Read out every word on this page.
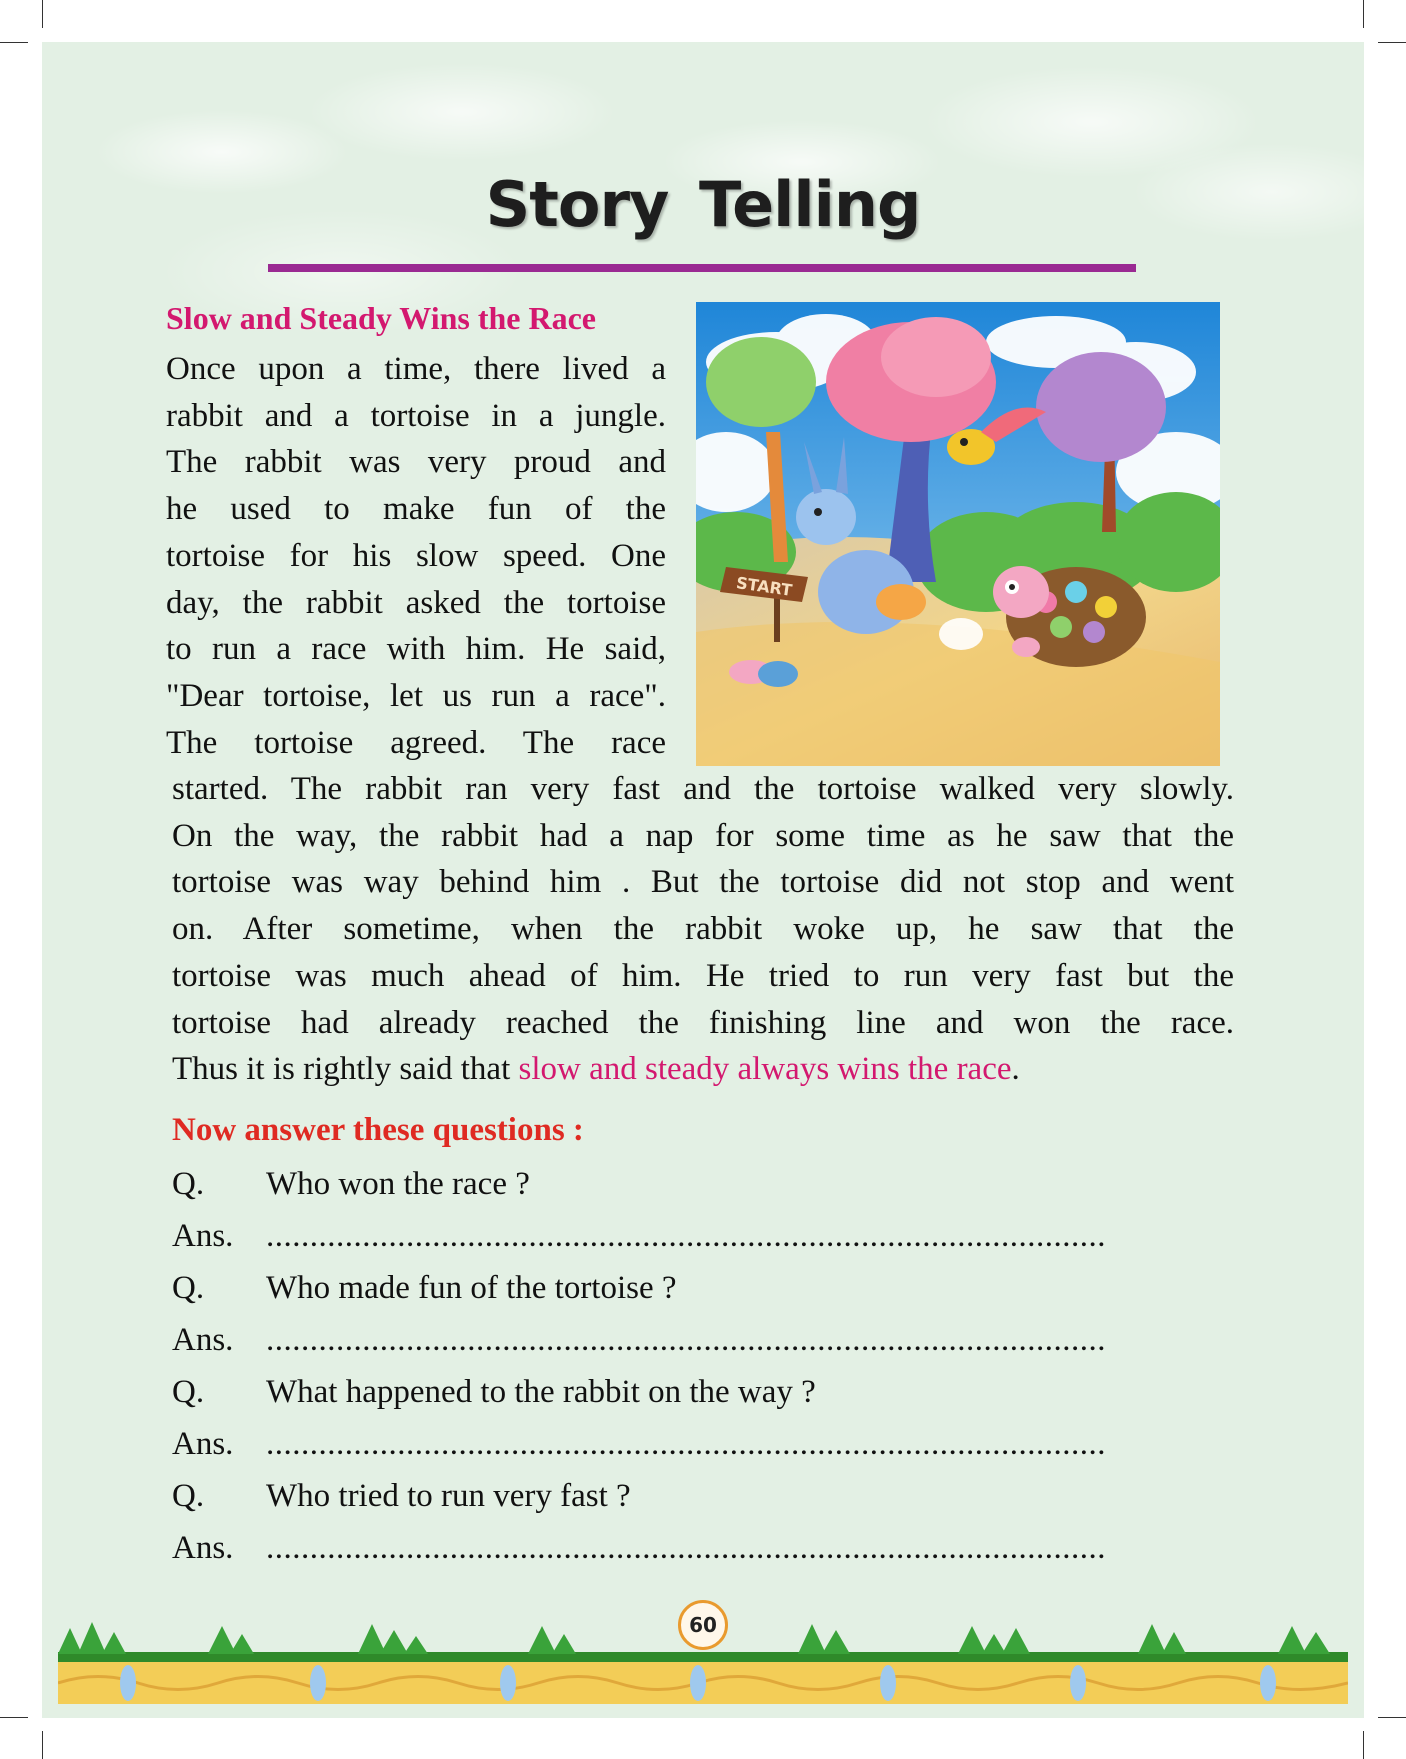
Story Telling
Slow and Steady Wins the Race
Once upon a time, there lived a
rabbit and a tortoise in a jungle.
The rabbit was very proud and
he used to make fun of the
tortoise for his slow speed. One
day, the rabbit asked the tortoise
to run a race with him. He said,
"Dear tortoise, let us run a race".
The tortoise agreed. The race
START
started. The rabbit ran very fast and the tortoise walked very slowly.
On the way, the rabbit had a nap for some time as he saw that the
tortoise was way behind him . But the tortoise did not stop and went
on. After sometime, when the rabbit woke up, he saw that the
tortoise was much ahead of him. He tried to run very fast but the
tortoise had already reached the finishing line and won the race.
Thus it is rightly said that slow and steady always wins the race.
Now answer these questions :
Q. Who won the race ?
Ans. ................................................................................................
Q. Who made fun of the tortoise ?
Ans. ................................................................................................
Q. What happened to the rabbit on the way ?
Ans. ................................................................................................
Q. Who tried to run very fast ?
Ans. ................................................................................................
60
